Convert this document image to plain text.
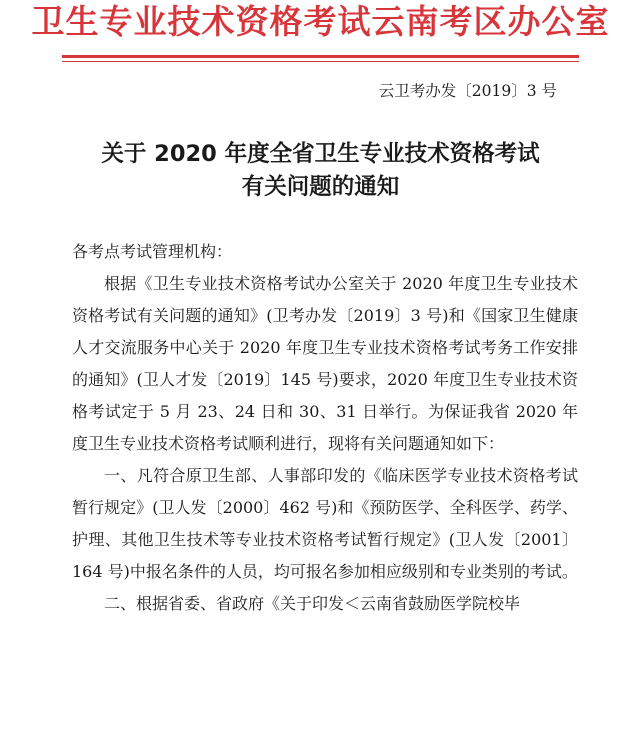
卫生专业技术资格考试云南考区办公室
云卫考办发〔2019〕3 号
关于 2020 年度全省卫生专业技术资格考试
有关问题的通知

各考点考试管理机构：

根据《卫生专业技术资格考试办公室关于 2020 年度卫生专业技术资格考试有关问题的通知》(卫考办发〔2019〕3 号)和《国家卫生健康人才交流服务中心关于 2020 年度卫生专业技术资格考试考务工作安排的通知》(卫人才发〔2019〕145 号)要求，2020 年度卫生专业技术资格考试定于 5 月 23、24 日和 30、31 日举行。为保证我省 2020 年度卫生专业技术资格考试顺利进行，现将有关问题通知如下：

一、凡符合原卫生部、人事部印发的《临床医学专业技术资格考试暂行规定》(卫人发〔2000〕462 号)和《预防医学、全科医学、药学、护理、其他卫生技术等专业技术资格考试暂行规定》(卫人发〔2001〕164 号)中报名条件的人员，均可报名参加相应级别和专业类别的考试。

二、根据省委、省政府《关于印发＜云南省鼓励医学院校毕
